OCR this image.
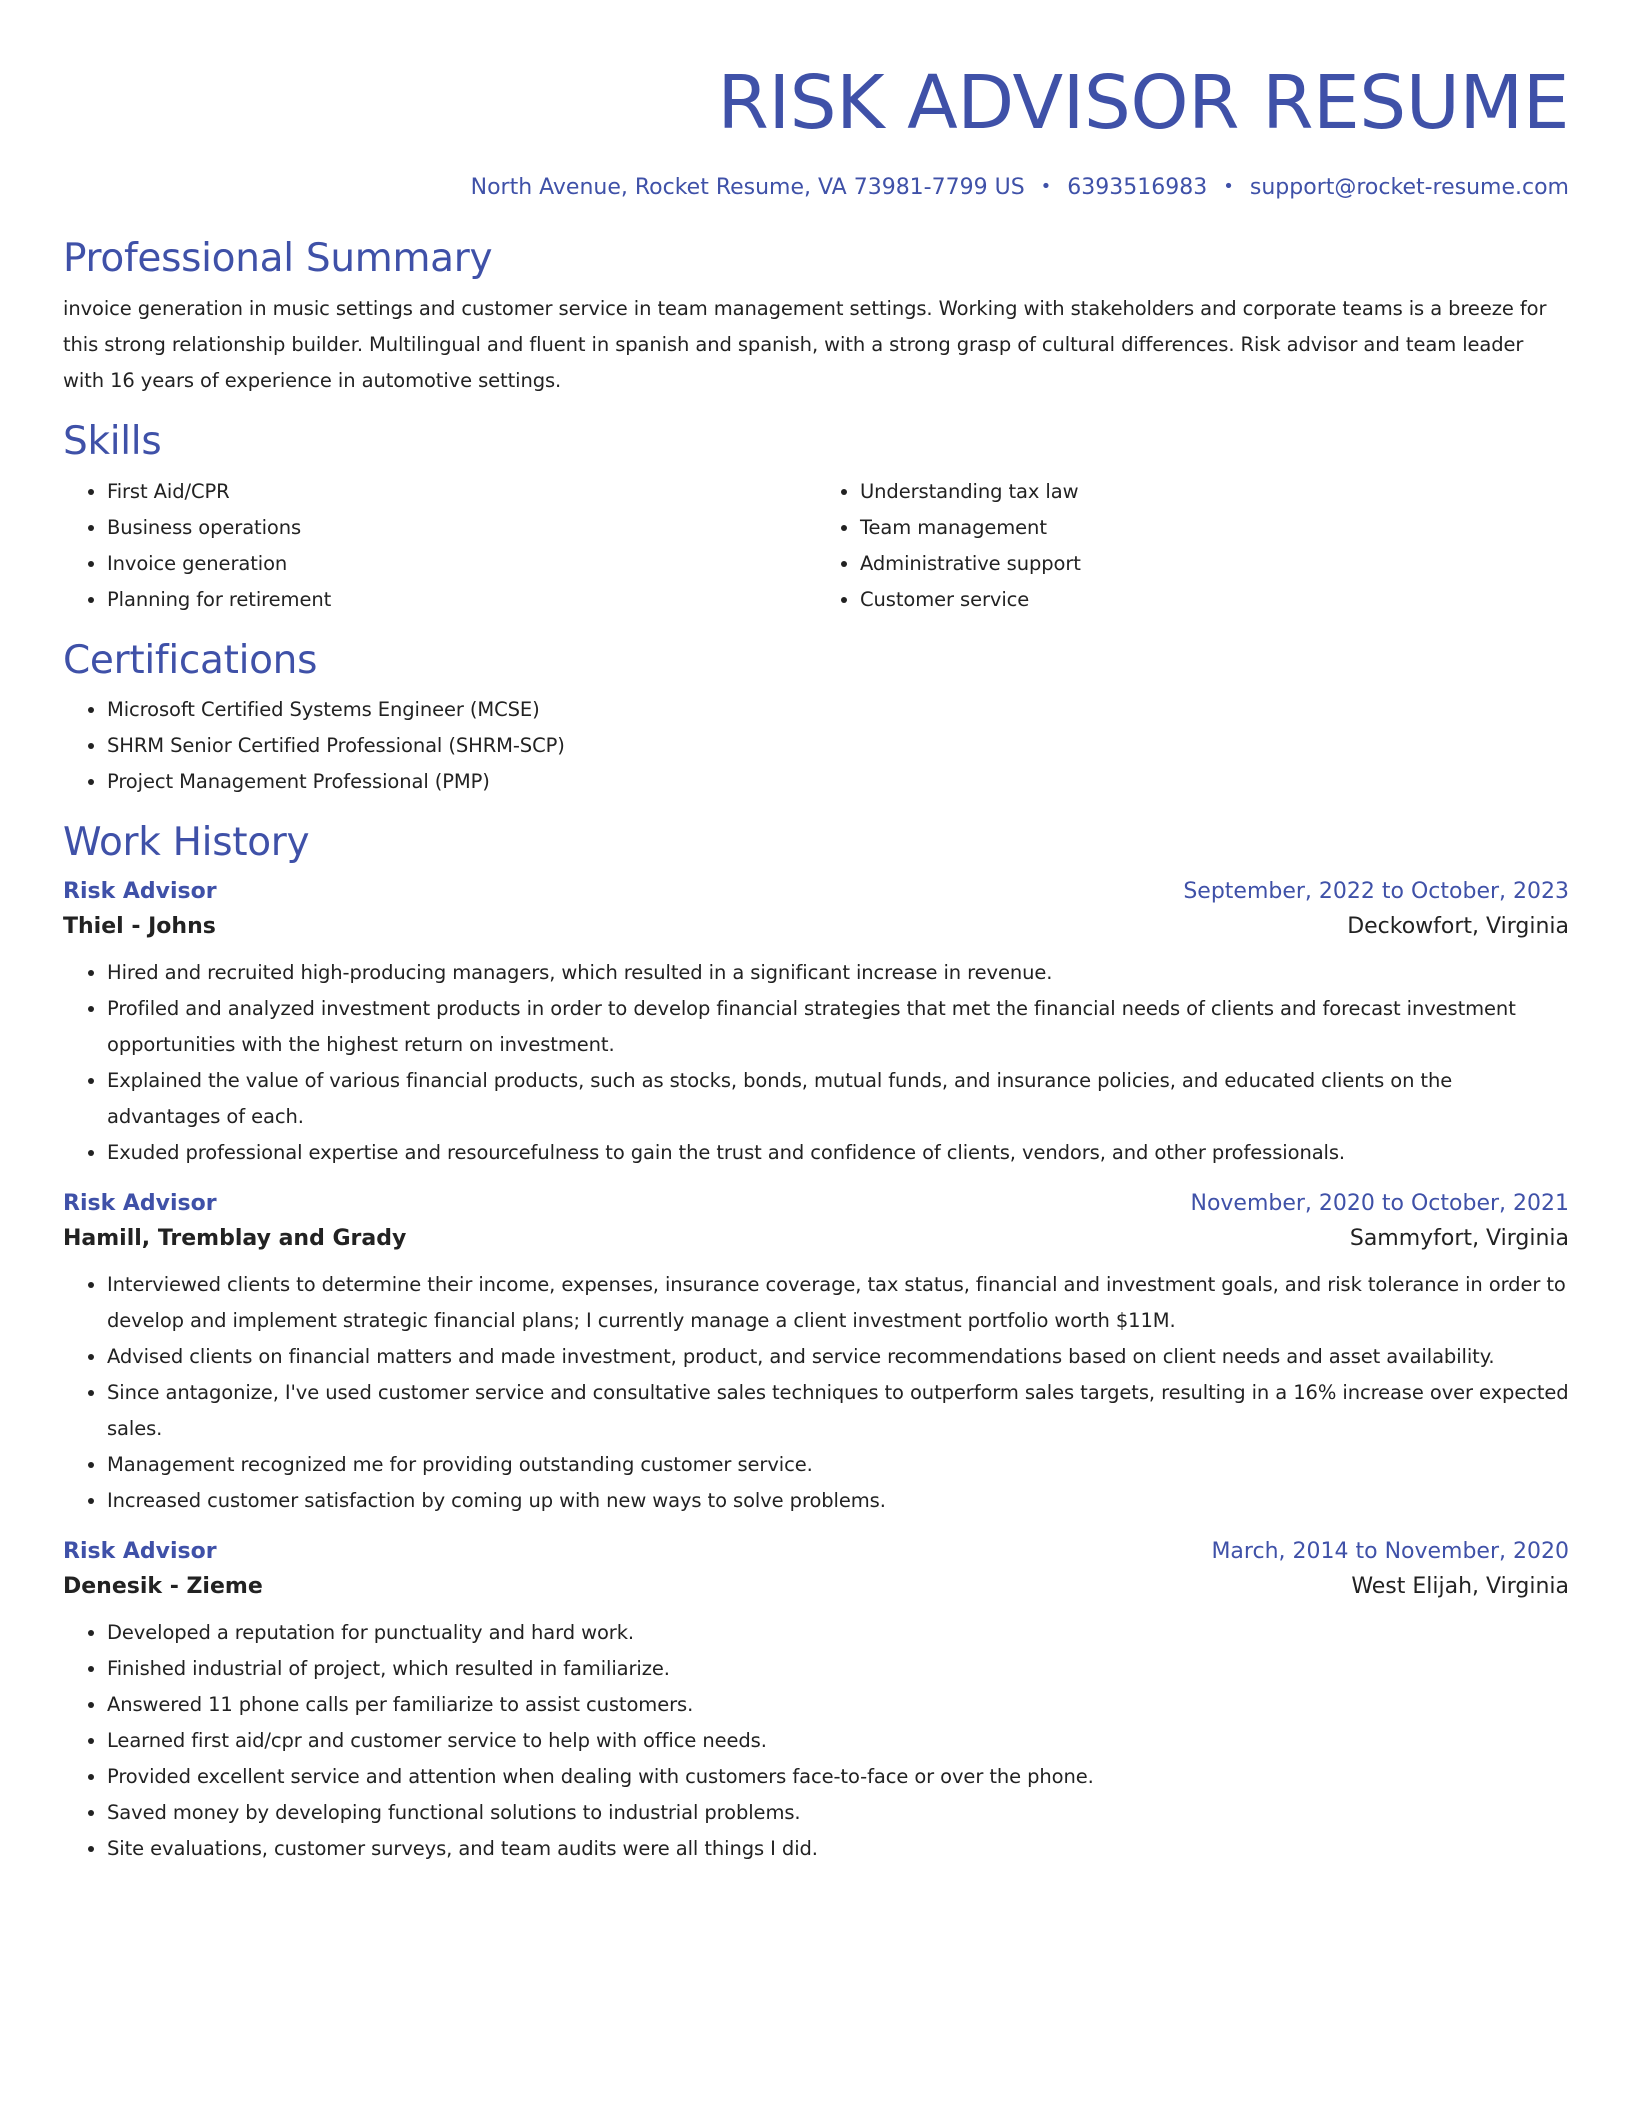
RISK ADVISOR RESUME
North Avenue, Rocket Resume, VA 73981-7799 US • 6393516983 • support@rocket-resume.com
Professional Summary

invoice generation in music settings and customer service in team management settings. Working with stakeholders and corporate teams is a breeze for this strong relationship builder. Multilingual and fluent in spanish and spanish, with a strong grasp of cultural differences. Risk advisor and team leader with 16 years of experience in automotive settings.

Skills
• First Aid/CPR
• Business operations
• Invoice generation
• Planning for retirement
• Understanding tax law
• Team management
• Administrative support
• Customer service
Certifications
• Microsoft Certified Systems Engineer (MCSE)
• SHRM Senior Certified Professional (SHRM-SCP)
• Project Management Professional (PMP)
Work History
Risk Advisor	September, 2022 to October, 2023
Thiel - Johns	Deckowfort, Virginia
• Hired and recruited high-producing managers, which resulted in a significant increase in revenue.
• Profiled and analyzed investment products in order to develop financial strategies that met the financial needs of clients and forecast investment opportunities with the highest return on investment.
• Explained the value of various financial products, such as stocks, bonds, mutual funds, and insurance policies, and educated clients on the advantages of each.
• Exuded professional expertise and resourcefulness to gain the trust and confidence of clients, vendors, and other professionals.
Risk Advisor	November, 2020 to October, 2021
Hamill, Tremblay and Grady	Sammyfort, Virginia
• Interviewed clients to determine their income, expenses, insurance coverage, tax status, financial and investment goals, and risk tolerance in order to develop and implement strategic financial plans; I currently manage a client investment portfolio worth $11M.
• Advised clients on financial matters and made investment, product, and service recommendations based on client needs and asset availability.
• Since antagonize, I've used customer service and consultative sales techniques to outperform sales targets, resulting in a 16% increase over expected sales.
• Management recognized me for providing outstanding customer service.
• Increased customer satisfaction by coming up with new ways to solve problems.
Risk Advisor	March, 2014 to November, 2020
Denesik - Zieme	West Elijah, Virginia
• Developed a reputation for punctuality and hard work.
• Finished industrial of project, which resulted in familiarize.
• Answered 11 phone calls per familiarize to assist customers.
• Learned first aid/cpr and customer service to help with office needs.
• Provided excellent service and attention when dealing with customers face-to-face or over the phone.
• Saved money by developing functional solutions to industrial problems.
• Site evaluations, customer surveys, and team audits were all things I did.
